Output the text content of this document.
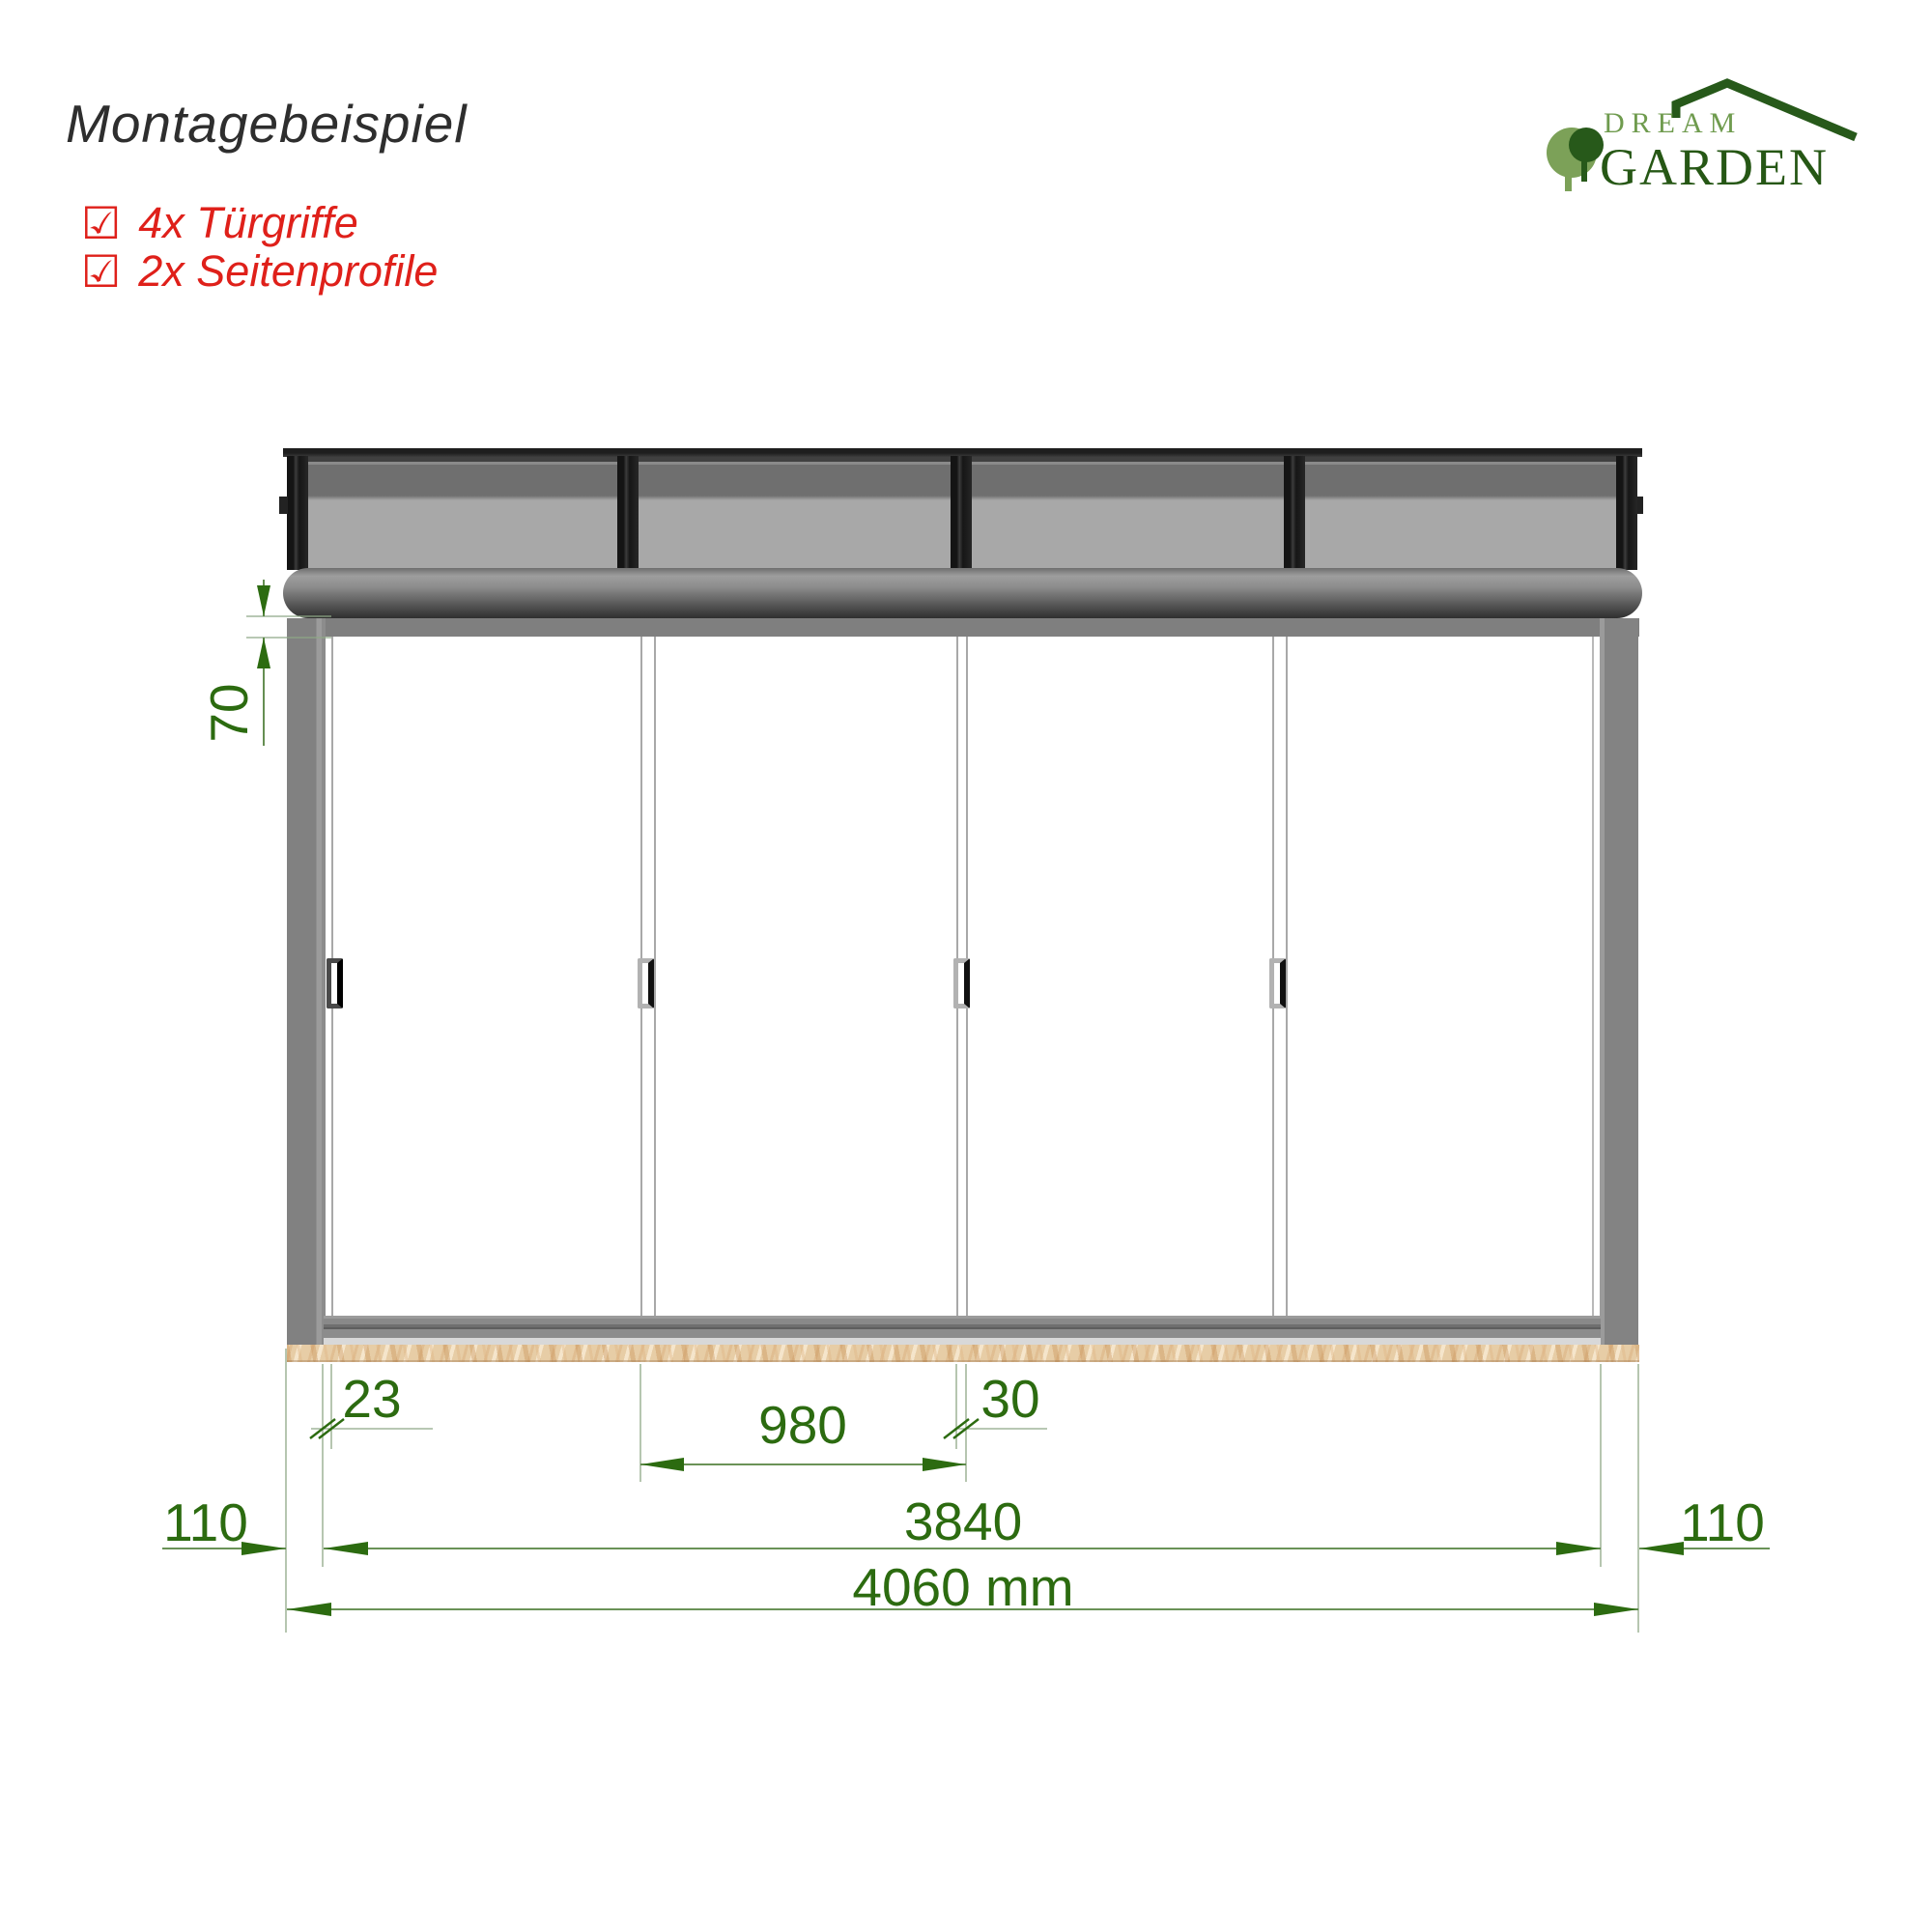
Montagebeispiel
☑ 4x Türgriffe
☑ 2x Seitenprofile
DREAM
GARDEN
70
23	980	30
110	3840	110
4060 mm
